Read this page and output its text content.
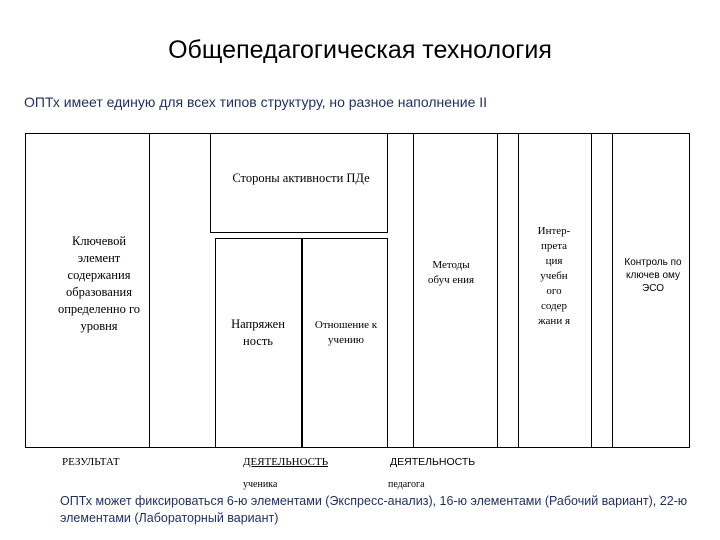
Общепедагогическая технология
ОПТх имеет единую для всех типов структуру, но разное наполнение II
Ключевой элемент содержания образования определенно го уровня
Стороны активности ПДе
Методы обуч ения
Интер- прета ция учебн ого содер жани я
Контроль по ключев ому ЭСО
Напряжен ность
Отношение к учению
РЕЗУЛЬТАТ	ДЕЯТЕЛЬНОСТЬ
ученика
ДЕЯТЕЛЬНОСТЬ
педагога
ОПТх может фиксироваться 6-ю элементами (Экспресс-анализ), 16-ю элементами (Рабочий вариант), 22-ю элементами (Лабораторный вариант)
